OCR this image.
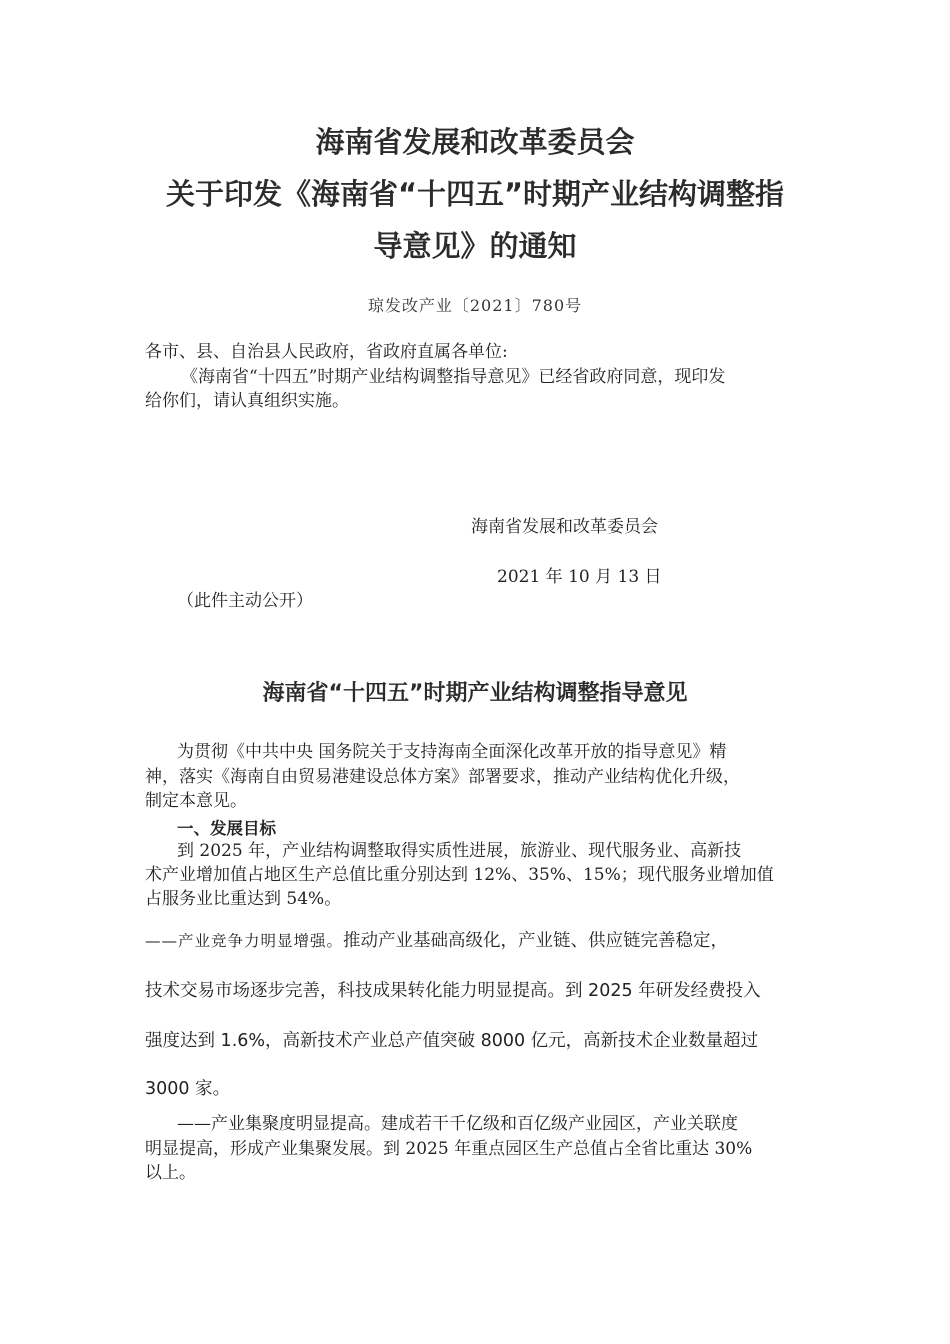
海南省发展和改革委员会
关于印发《海南省“十四五”时期产业结构调整指
导意见》的通知
琼发改产业〔2021〕780号
各市、县、自治县人民政府，省政府直属各单位:
《海南省“十四五”时期产业结构调整指导意见》已经省政府同意，现印发
给你们，请认真组织实施。
海南省发展和改革委员会
2021 年 10 月 13 日
（此件主动公开）
海南省“十四五”时期产业结构调整指导意见
为贯彻《中共中央 国务院关于支持海南全面深化改革开放的指导意见》精
神，落实《海南自由贸易港建设总体方案》部署要求，推动产业结构优化升级，
制定本意见。
一、发展目标
到 2025 年，产业结构调整取得实质性进展，旅游业、现代服务业、高新技
术产业增加值占地区生产总值比重分别达到 12%、35%、15%；现代服务业增加值
占服务业比重达到 54%。
——产业竞争力明显增强。推动产业基础高级化，产业链、供应链完善稳定，
技术交易市场逐步完善，科技成果转化能力明显提高。到 2025 年研发经费投入
强度达到 1.6%，高新技术产业总产值突破 8000 亿元，高新技术企业数量超过
3000 家。
——产业集聚度明显提高。建成若干千亿级和百亿级产业园区，产业关联度
明显提高，形成产业集聚发展。到 2025 年重点园区生产总值占全省比重达 30%
以上。
